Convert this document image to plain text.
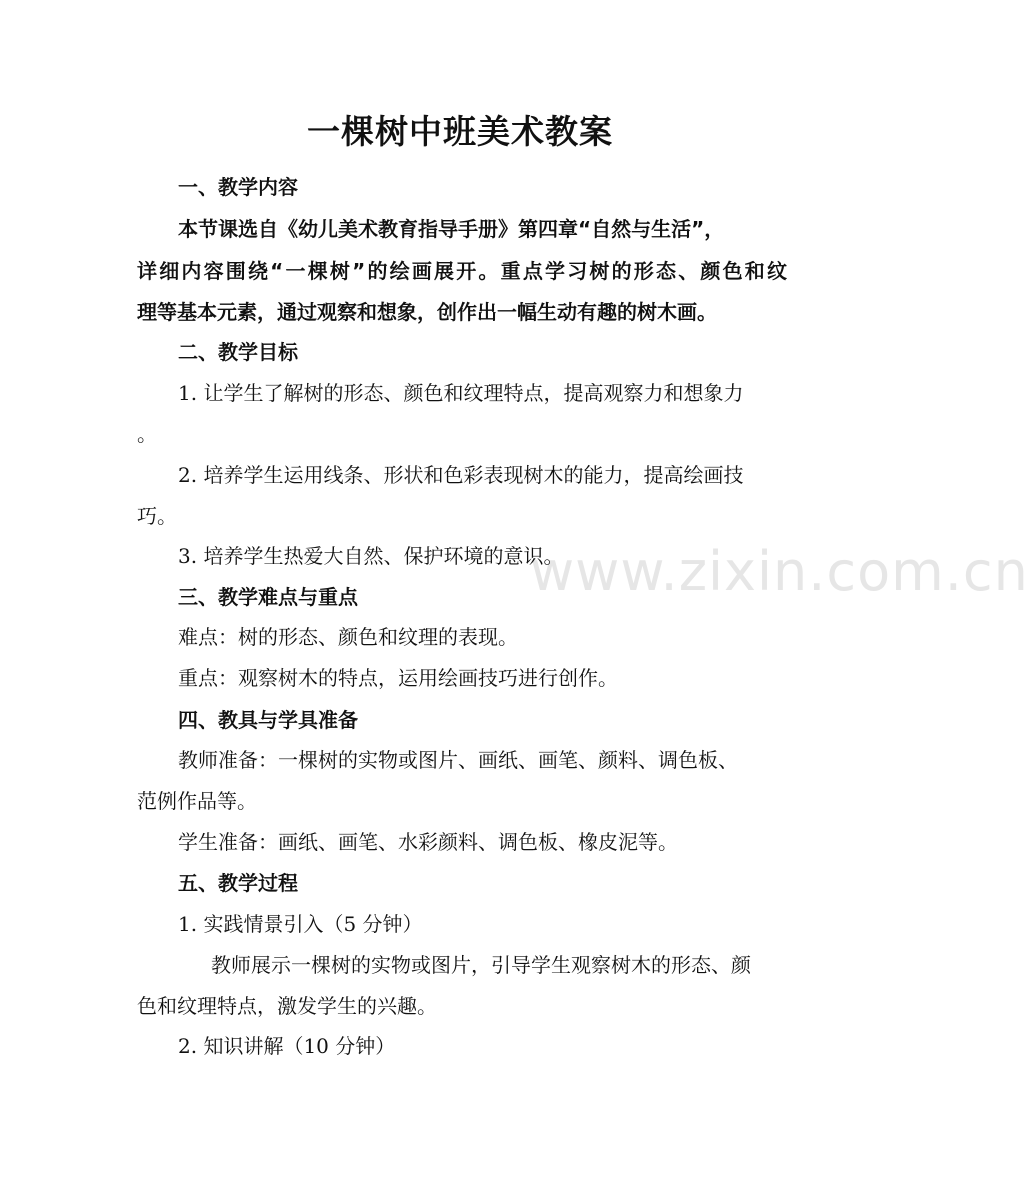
www.zixin.com.cn
一棵树中班美术教案
一、教学内容
本节课选自《幼儿美术教育指导手册》第四章“自然与生活”，
详细内容围绕“一棵树”的绘画展开。重点学习树的形态、颜色和纹
理等基本元素，通过观察和想象，创作出一幅生动有趣的树木画。
二、教学目标
1. 让学生了解树的形态、颜色和纹理特点，提高观察力和想象力
。
2. 培养学生运用线条、形状和色彩表现树木的能力，提高绘画技
巧。
3. 培养学生热爱大自然、保护环境的意识。
三、教学难点与重点
难点：树的形态、颜色和纹理的表现。
重点：观察树木的特点，运用绘画技巧进行创作。
四、教具与学具准备
教师准备：一棵树的实物或图片、画纸、画笔、颜料、调色板、
范例作品等。
学生准备：画纸、画笔、水彩颜料、调色板、橡皮泥等。
五、教学过程
1. 实践情景引入（5 分钟）
教师展示一棵树的实物或图片，引导学生观察树木的形态、颜
色和纹理特点，激发学生的兴趣。
2. 知识讲解（10 分钟）
